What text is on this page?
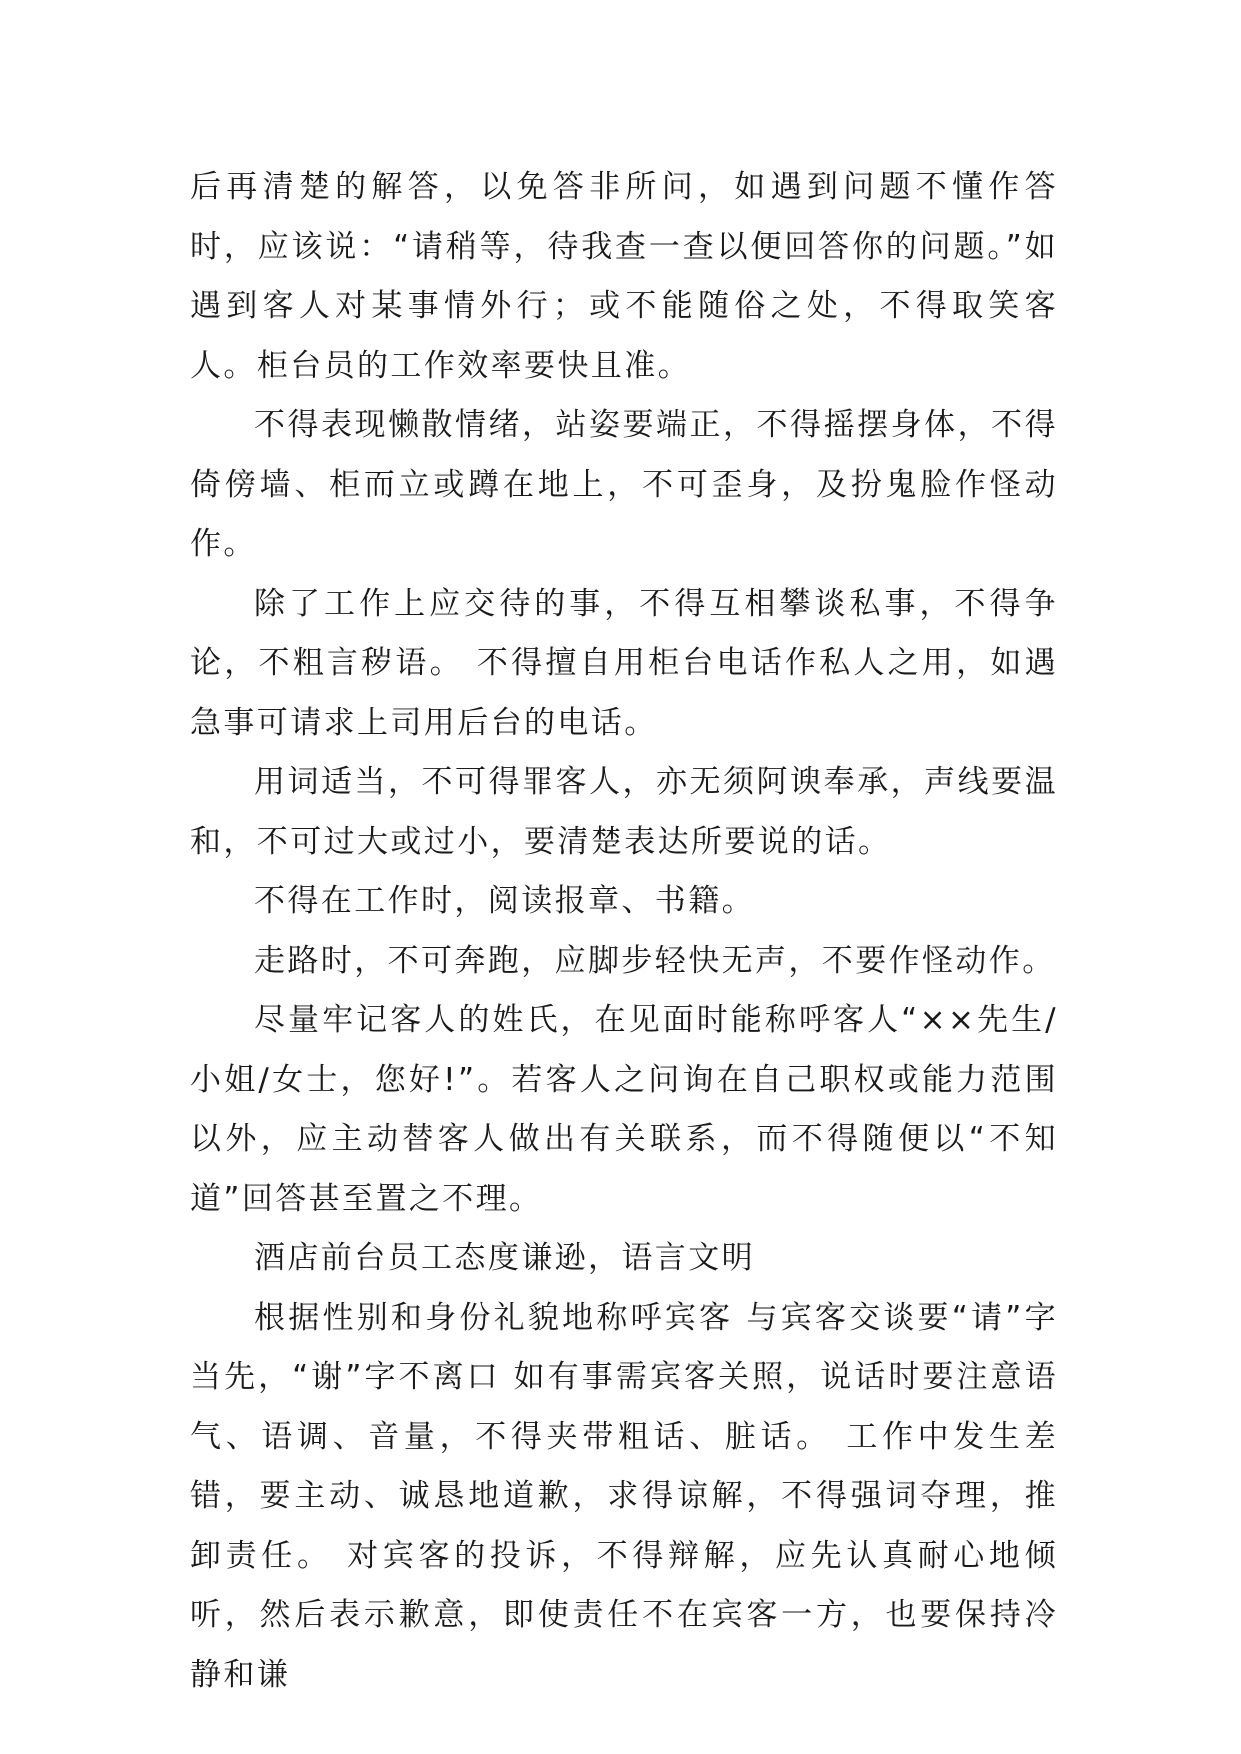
后再清楚的解答，以免答非所问，如遇到问题不懂作答时，应该说：“请稍等，待我查一查以便回答你的问题。”如遇到客人对某事情外行；或不能随俗之处，不得取笑客人。柜台员的工作效率要快且准。

不得表现懒散情绪，站姿要端正，不得摇摆身体，不得倚傍墙、柜而立或蹲在地上，不可歪身，及扮鬼脸作怪动作。

除了工作上应交待的事，不得互相攀谈私事，不得争论，不粗言秽语。 不得擅自用柜台电话作私人之用，如遇急事可请求上司用后台的电话。

用词适当，不可得罪客人，亦无须阿谀奉承，声线要温和，不可过大或过小，要清楚表达所要说的话。

不得在工作时，阅读报章、书籍。

走路时，不可奔跑，应脚步轻快无声，不要作怪动作。

尽量牢记客人的姓氏，在见面时能称呼客人“××先生/小姐/女士，您好!”。若客人之问询在自己职权或能力范围以外，应主动替客人做出有关联系，而不得随便以“不知道”回答甚至置之不理。

酒店前台员工态度谦逊，语言文明

根据性别和身份礼貌地称呼宾客 与宾客交谈要“请”字当先，“谢”字不离口 如有事需宾客关照，说话时要注意语气、语调、音量，不得夹带粗话、脏话。 工作中发生差错，要主动、诚恳地道歉，求得谅解，不得强词夺理，推卸责任。 对宾客的投诉，不得辩解，应先认真耐心地倾听，然后表示歉意，即使责任不在宾客一方，也要保持冷静和谦
